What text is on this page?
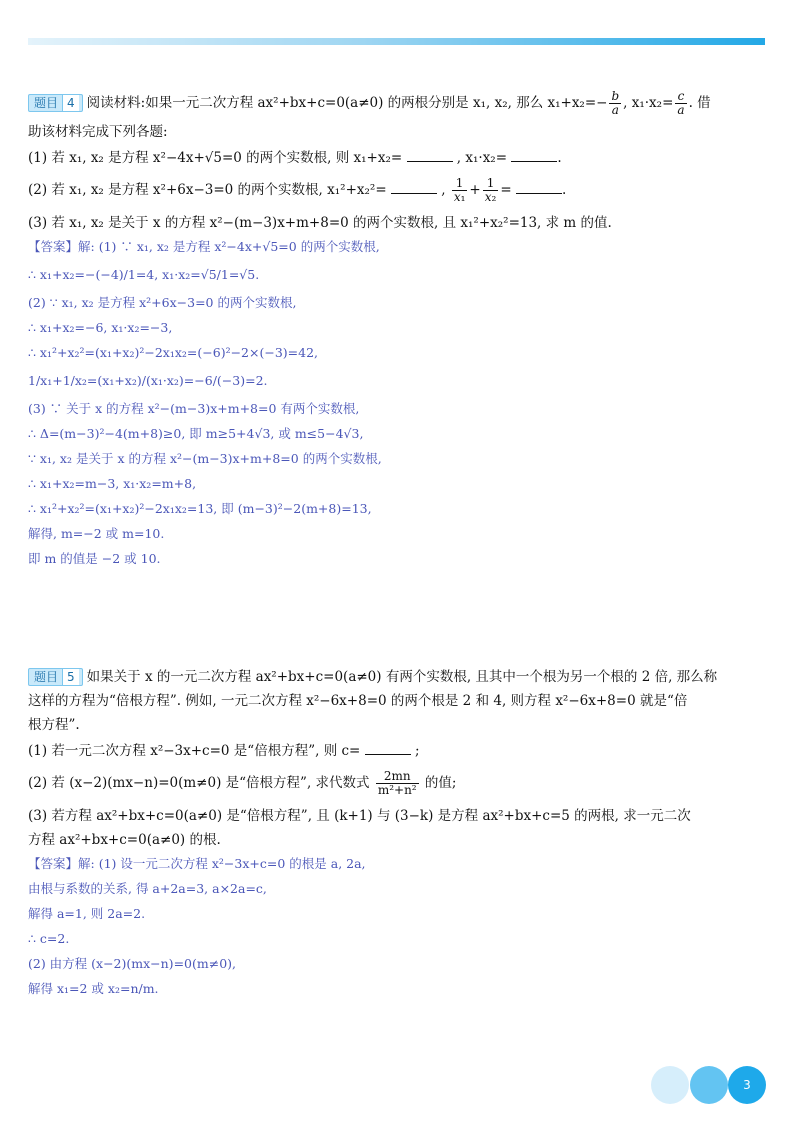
题目 4 阅读材料:如果一元二次方程 ax²+bx+c=0(a≠0) 的两根分别是 x₁, x₂, 那么 $x_1+x_2=- \frac{b}{a}$ , $x_1\cdot x_2= \frac{c}{a}$ . 借

助该材料完成下列各题:

(1) 若 x₁, x₂ 是方程 x²−4x+√5=0 的两个实数根, 则 x₁+x₂=	, x₁·x₂=	.

(2) 若 x₁, x₂ 是方程 x²+6x−3=0 的两个实数根, x₁²+x₂²=	, $\frac{1}{\text{x₁}} + \frac{1}{\text{x₂}}$ =	.

(3) 若 x₁, x₂ 是关于 x 的方程 x²−(m−3)x+m+8=0 的两个实数根, 且 x₁²+x₂²=13, 求 m 的值.

【答案】解: (1) ∵ x₁, x₂ 是方程 x²−4x+√5=0 的两个实数根,
∴ x₁+x₂=−(−4)/1=4, x₁·x₂=√5/1=√5.
(2) ∵ x₁, x₂ 是方程 x²+6x−3=0 的两个实数根,
∴ x₁+x₂=−6, x₁·x₂=−3,
∴ x₁²+x₂²=(x₁+x₂)²−2x₁x₂=(−6)²−2×(−3)=42,
1/x₁+1/x₂=(x₁+x₂)/(x₁·x₂)=−6/(−3)=2.
(3) ∵ 关于 x 的方程 x²−(m−3)x+m+8=0 有两个实数根,
∴ Δ=(m−3)²−4(m+8)≥0, 即 m≥5+4√3, 或 m≤5−4√3,
∵ x₁, x₂ 是关于 x 的方程 x²−(m−3)x+m+8=0 的两个实数根,
∴ x₁+x₂=m−3, x₁·x₂=m+8,
∴ x₁²+x₂²=(x₁+x₂)²−2x₁x₂=13, 即 (m−3)²−2(m+8)=13,
解得, m=−2 或 m=10.
即 m 的值是 −2 或 10.

题目 5 如果关于 x 的一元二次方程 ax²+bx+c=0(a≠0) 有两个实数根, 且其中一个根为另一个根的 2 倍, 那么称

这样的方程为“倍根方程”. 例如, 一元二次方程 x²−6x+8=0 的两个根是 2 和 4, 则方程 x²−6x+8=0 就是“倍

根方程”.

(1) 若一元二次方程 x²−3x+c=0 是“倍根方程”, 则 c=	;

(2) 若 (x−2)(mx−n)=0(m≠0) 是“倍根方程”, 求代数式 $\frac{2mn}{\text{m²+n²}}$ 的值;

(3) 若方程 ax²+bx+c=0(a≠0) 是“倍根方程”, 且 (k+1) 与 (3−k) 是方程 ax²+bx+c=5 的两根, 求一元二次

方程 ax²+bx+c=0(a≠0) 的根.

【答案】解: (1) 设一元二次方程 x²−3x+c=0 的根是 a, 2a,
由根与系数的关系, 得 a+2a=3, a×2a=c,
解得 a=1, 则 2a=2.
∴ c=2.
(2) 由方程 (x−2)(mx−n)=0(m≠0),
解得 x₁=2 或 x₂=n/m.
3
